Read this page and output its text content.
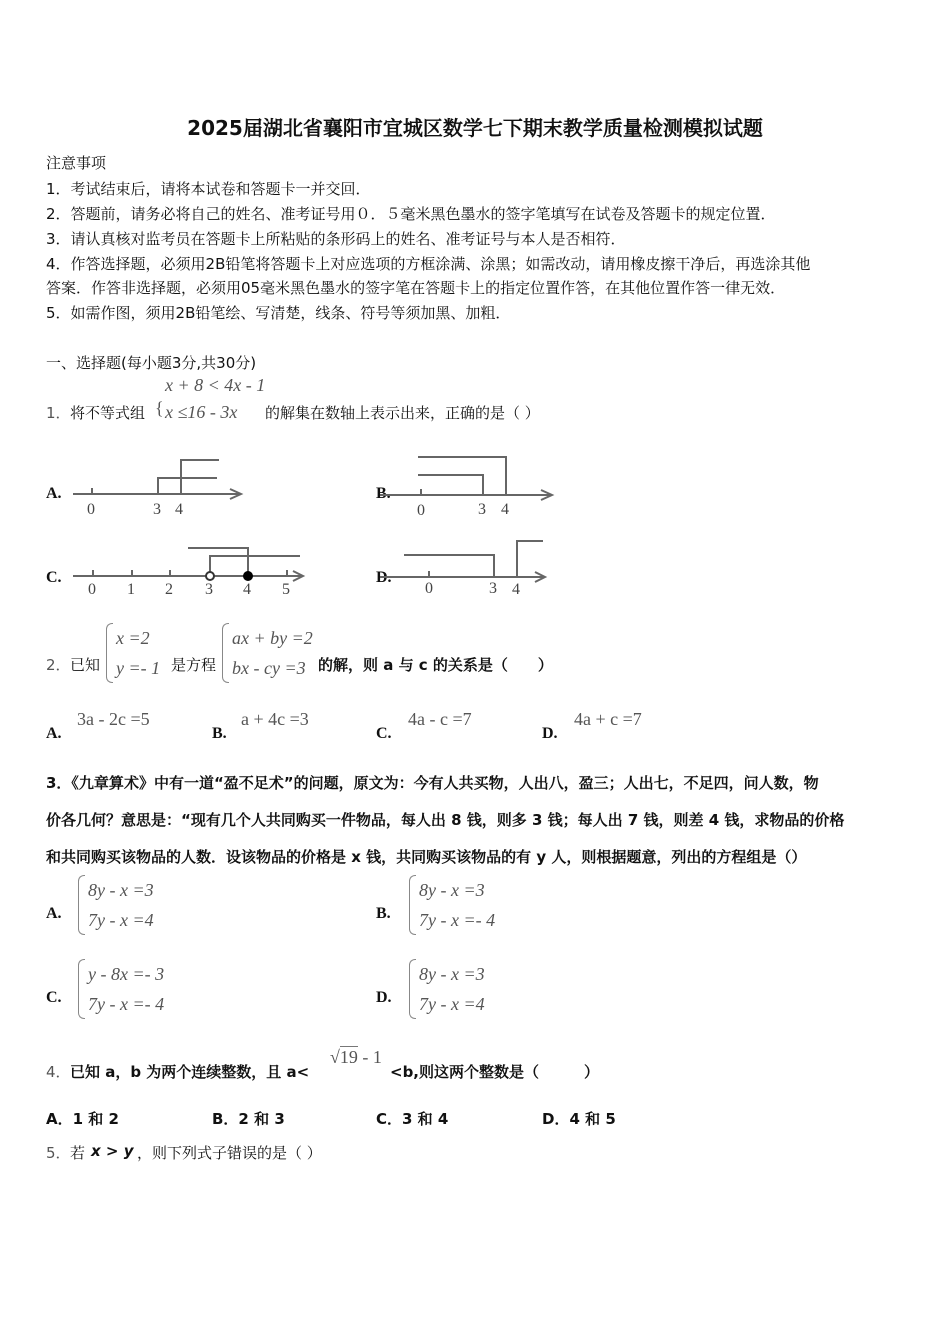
2025届湖北省襄阳市宜城区数学七下期末教学质量检测模拟试题
注意事项
1．考试结束后，请将本试卷和答题卡一并交回．
2．答题前，请务必将自己的姓名、准考证号用０．５毫米黑色墨水的签字笔填写在试卷及答题卡的规定位置．
3．请认真核对监考员在答题卡上所粘贴的条形码上的姓名、准考证号与本人是否相符．
4．作答选择题，必须用2B铅笔将答题卡上对应选项的方框涂满、涂黑；如需改动，请用橡皮擦干净后，再选涂其他
答案．作答非选择题，必须用05毫米黑色墨水的签字笔在答题卡上的指定位置作答，在其他位置作答一律无效．
5．如需作图，须用2B铅笔绘、写清楚，线条、符号等须加黑、加粗．
一、选择题(每小题3分,共30分)
1． 将不等式组 {
x + 8 < 4x - 1
x ≤16 - 3x 的解集在数轴上表示出来，正确的是（ ）
A.	B.
C.	D.
0	3 4	0	3 4
0 1 2 3 4 5	0	3 4
2． 已知
x =2
y =- 1 是方程
ax + by =2
bx - cy =3 的解，则 a 与 c 的关系是（　　）
A.
3a - 2c =5
B.
a + 4c =3
C.
4a - c =7
D.
4a + c =7
3．《九章算术》中有一道“盈不足术”的问题，原文为：今有人共买物，人出八，盈三；人出七，不足四，问人数，物
价各几何？意思是：“现有几个人共同购买一件物品，每人出 8 钱，则多 3 钱；每人出 7 钱，则差 4 钱，求物品的价格
和共同购买该物品的人数．设该物品的价格是 x 钱，共同购买该物品的有 y 人，则根据题意，列出的方程组是（）
A.
8y - x =3
7y - x =4	B.
8y - x =3
7y - x =- 4
C.
y - 8x =- 3
7y - x =- 4	D.
8y - x =3
7y - x =4
4． 已知 a，b 为两个连续整数，且 a<
√19 - 1
<b,则这两个整数是（　　　）
A．1 和 2	B．2 和 3	C．3 和 4	D．4 和 5
5． 若 x > y ，则下列式子错误的是（ ）
